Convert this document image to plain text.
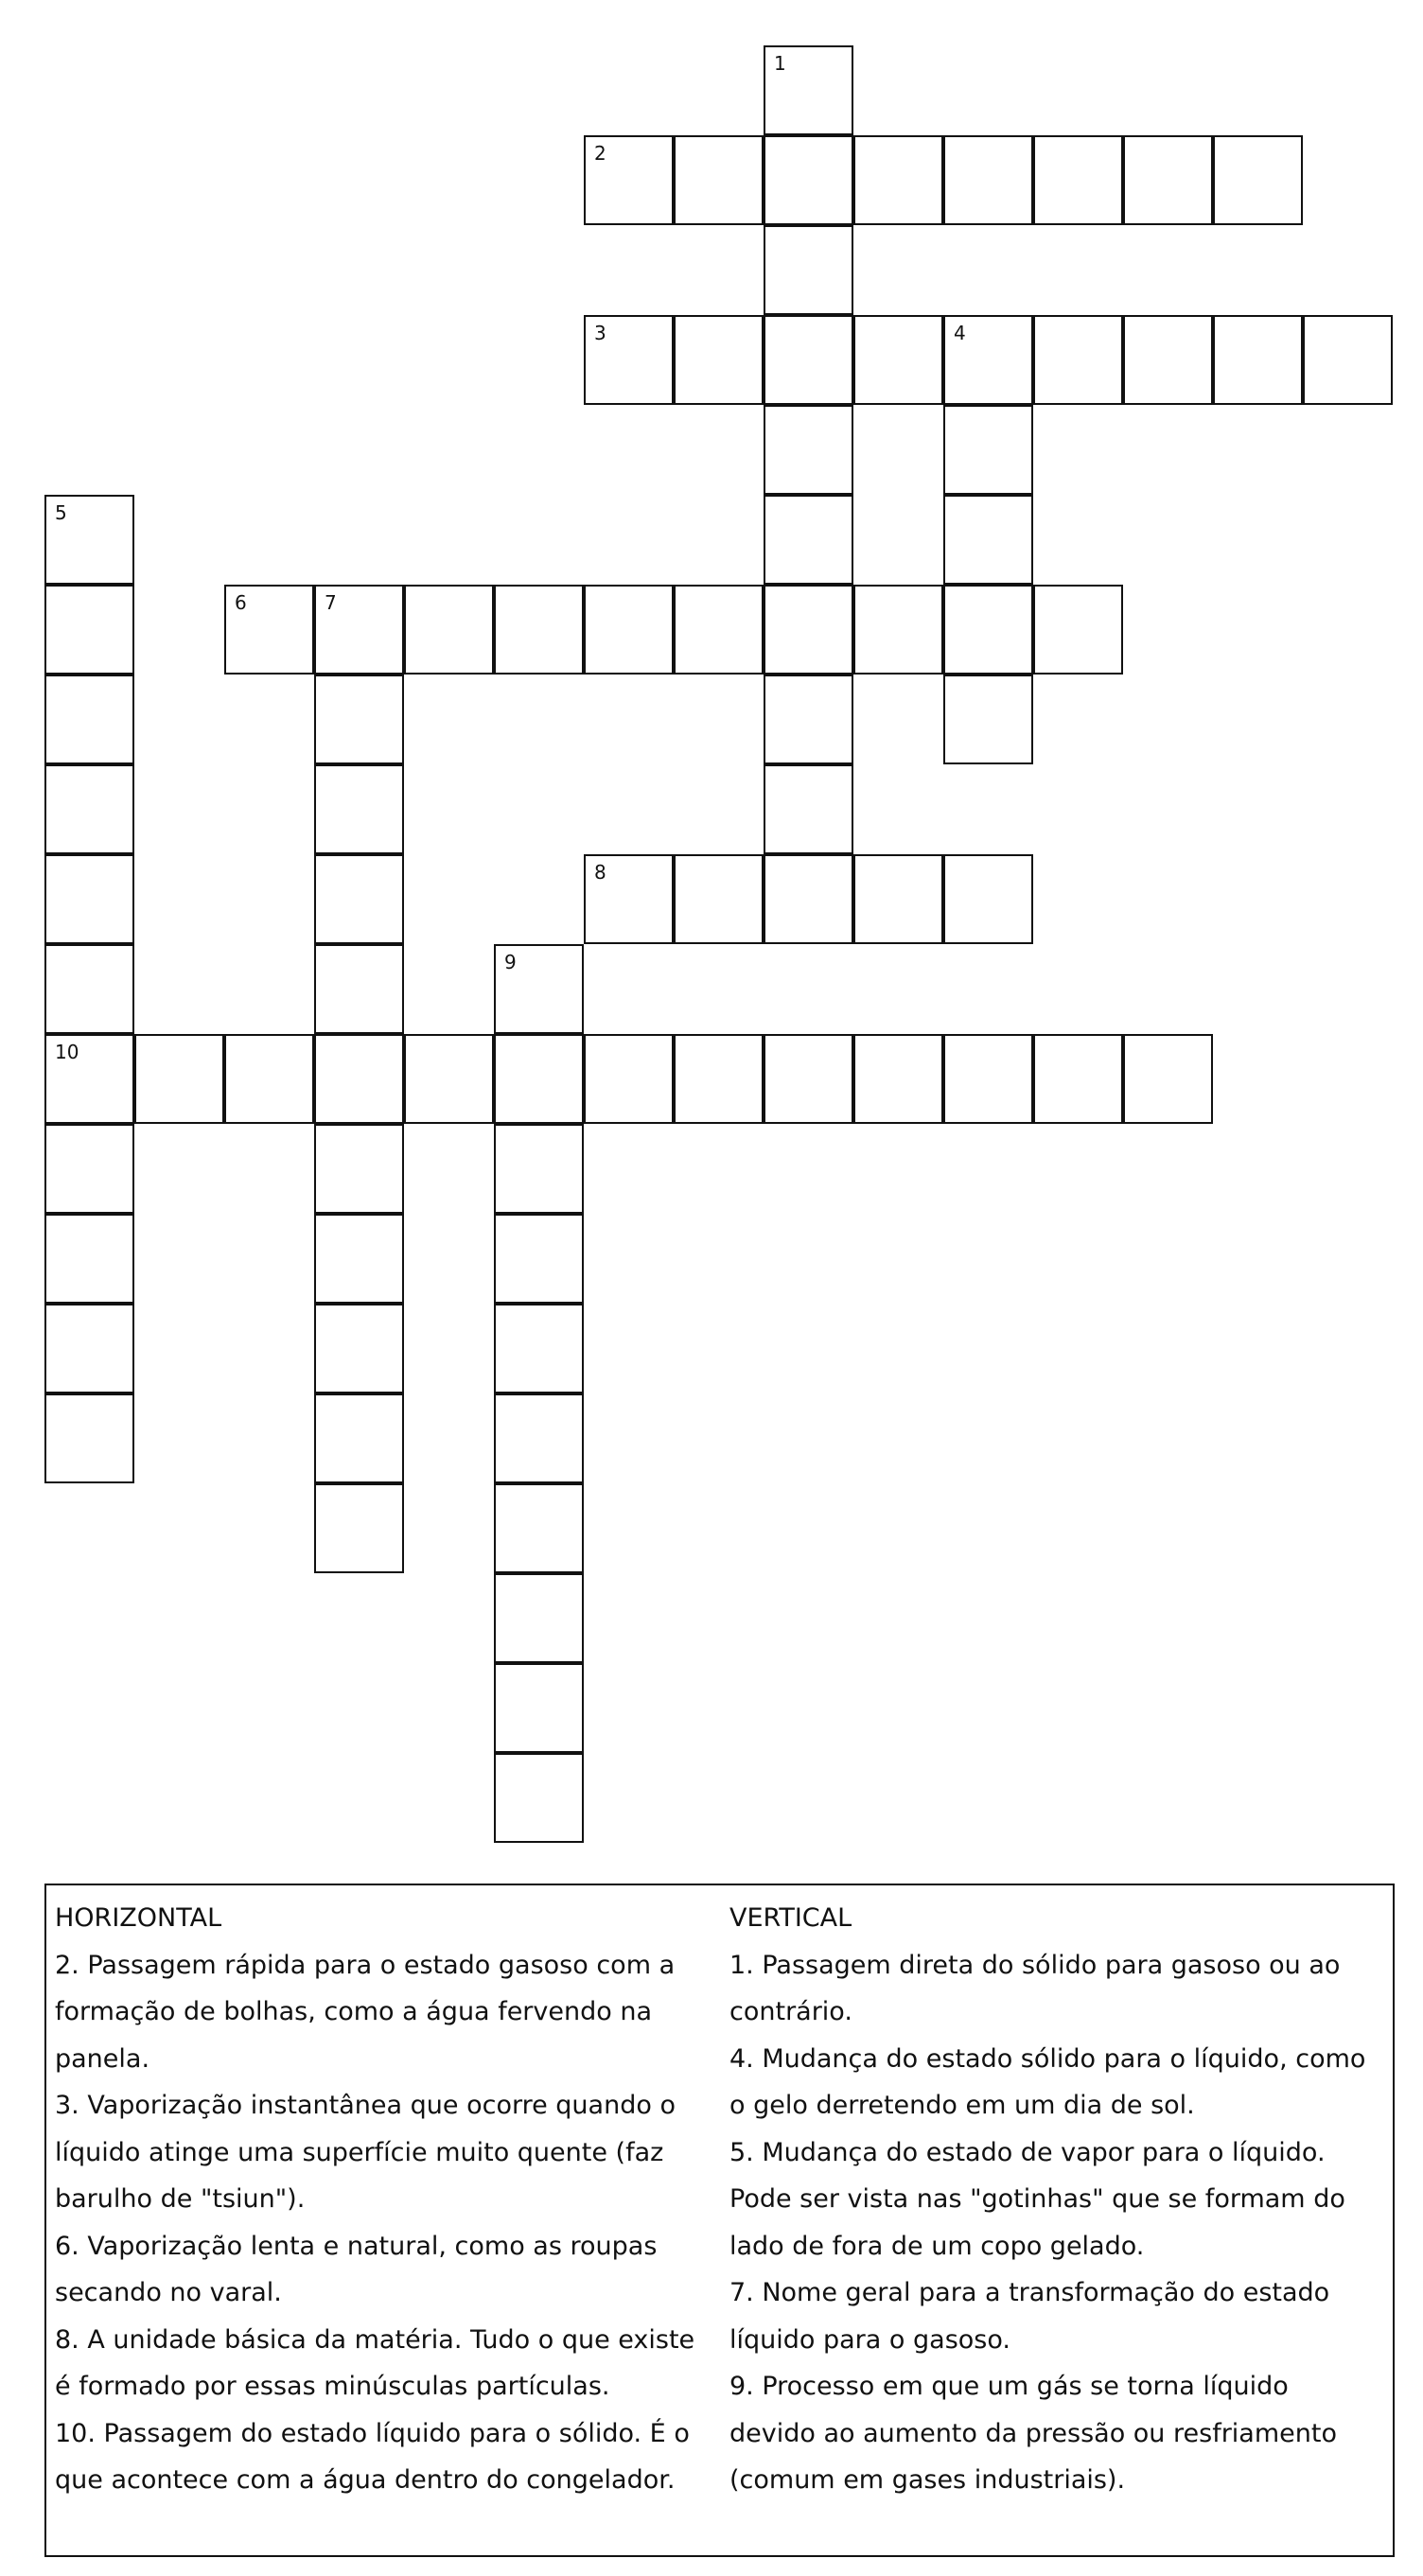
1
2
3	4
5
10
6	7
8
9

HORIZONTAL

2. Passagem rápida para o estado gasoso com a formação de bolhas, como a água fervendo na panela.

3. Vaporização instantânea que ocorre quando o líquido atinge uma superfície muito quente (faz barulho de "tsiun").

6. Vaporização lenta e natural, como as roupas secando no varal.

8. A unidade básica da matéria. Tudo o que existe é formado por essas minúsculas partículas.

10. Passagem do estado líquido para o sólido. É o que acontece com a água dentro do congelador.

VERTICAL

1. Passagem direta do sólido para gasoso ou ao contrário.

4. Mudança do estado sólido para o líquido, como o gelo derretendo em um dia de sol.

5. Mudança do estado de vapor para o líquido. Pode ser vista nas "gotinhas" que se formam do lado de fora de um copo gelado.

7. Nome geral para a transformação do estado líquido para o gasoso.

9. Processo em que um gás se torna líquido devido ao aumento da pressão ou resfriamento (comum em gases industriais).
